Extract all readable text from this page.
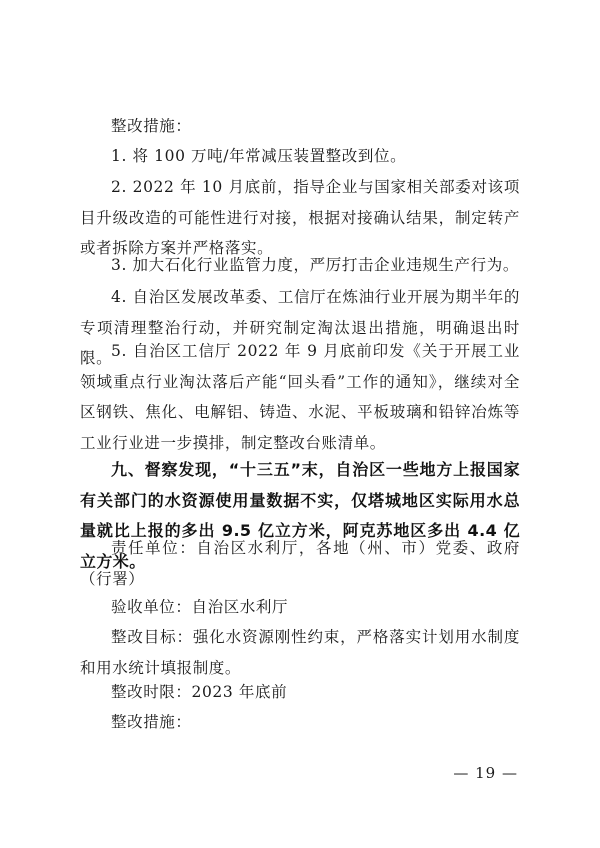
整改措施：

1. 将 100 万吨/年常减压装置整改到位。

2. 2022 年 10 月底前，指导企业与国家相关部委对该项目升级改造的可能性进行对接，根据对接确认结果，制定转产或者拆除方案并严格落实。

3. 加大石化行业监管力度，严厉打击企业违规生产行为。

4. 自治区发展改革委、工信厅在炼油行业开展为期半年的专项清理整治行动，并研究制定淘汰退出措施，明确退出时限。

5. 自治区工信厅 2022 年 9 月底前印发《关于开展工业领域重点行业淘汰落后产能“回头看”工作的通知》，继续对全区钢铁、焦化、电解铝、铸造、水泥、平板玻璃和铅锌冶炼等工业行业进一步摸排，制定整改台账清单。

九、督察发现，“十三五”末，自治区一些地方上报国家有关部门的水资源使用量数据不实，仅塔城地区实际用水总量就比上报的多出 9.5 亿立方米，阿克苏地区多出 4.4 亿立方米。

责任单位：自治区水利厅，各地（州、市）党委、政府（行署）

验收单位：自治区水利厅

整改目标：强化水资源刚性约束，严格落实计划用水制度和用水统计填报制度。

整改时限：2023 年底前

整改措施：

— 19 —
